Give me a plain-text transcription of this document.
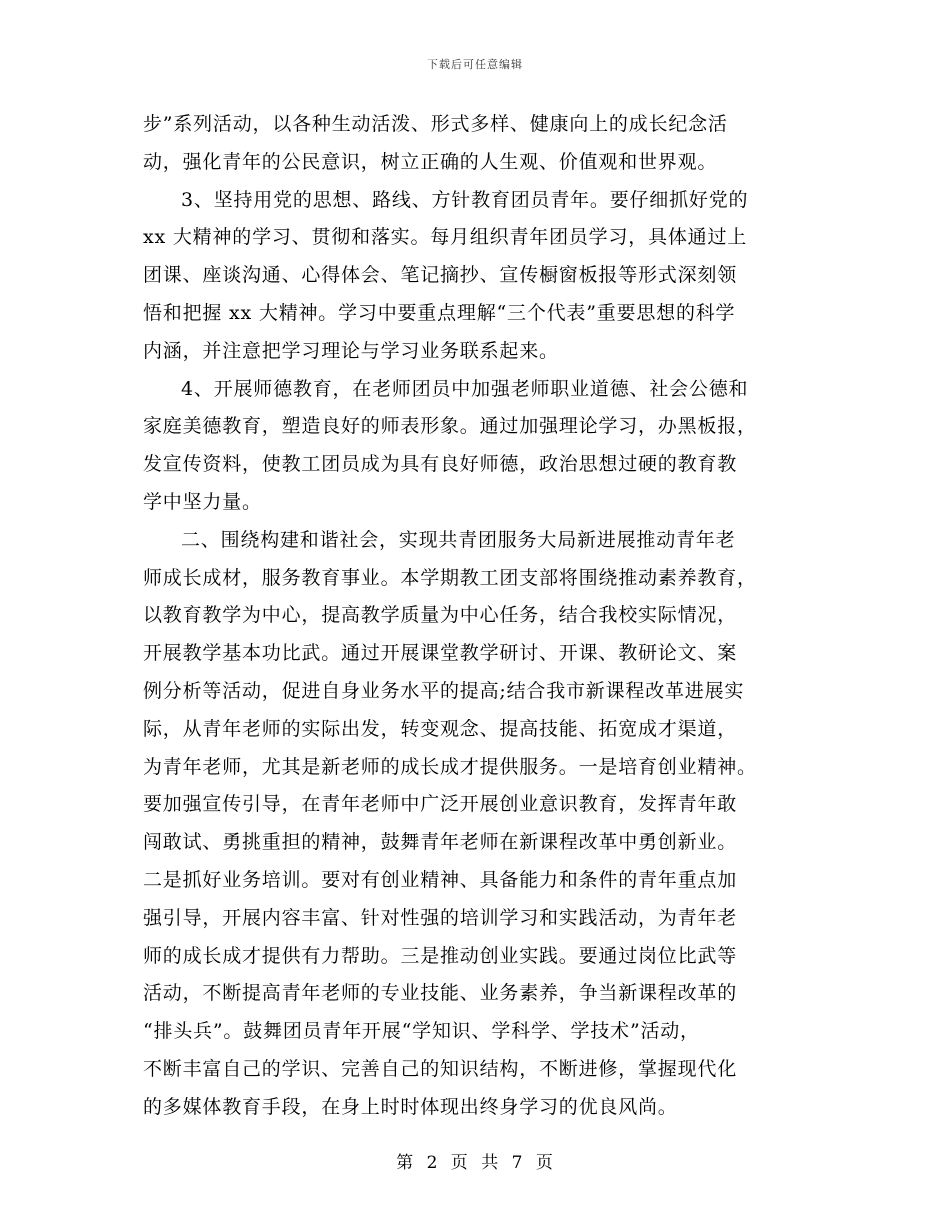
下载后可任意编辑
步”系列活动，以各种生动活泼、形式多样、健康向上的成长纪念活
动，强化青年的公民意识，树立正确的人生观、价值观和世界观。
3、坚持用党的思想、路线、方针教育团员青年。要仔细抓好党的
xx 大精神的学习、贯彻和落实。每月组织青年团员学习，具体通过上
团课、座谈沟通、心得体会、笔记摘抄、宣传橱窗板报等形式深刻领
悟和把握 xx 大精神。学习中要重点理解“三个代表”重要思想的科学
内涵，并注意把学习理论与学习业务联系起来。
4、开展师德教育，在老师团员中加强老师职业道德、社会公德和
家庭美德教育，塑造良好的师表形象。通过加强理论学习，办黑板报，
发宣传资料，使教工团员成为具有良好师德，政治思想过硬的教育教
学中坚力量。
二、围绕构建和谐社会，实现共青团服务大局新进展推动青年老
师成长成材，服务教育事业。本学期教工团支部将围绕推动素养教育，
以教育教学为中心，提高教学质量为中心任务，结合我校实际情况，
开展教学基本功比武。通过开展课堂教学研讨、开课、教研论文、案
例分析等活动，促进自身业务水平的提高;结合我市新课程改革进展实
际，从青年老师的实际出发，转变观念、提高技能、拓宽成才渠道，
为青年老师，尤其是新老师的成长成才提供服务。一是培育创业精神。
要加强宣传引导，在青年老师中广泛开展创业意识教育，发挥青年敢
闯敢试、勇挑重担的精神，鼓舞青年老师在新课程改革中勇创新业。
二是抓好业务培训。要对有创业精神、具备能力和条件的青年重点加
强引导，开展内容丰富、针对性强的培训学习和实践活动，为青年老
师的成长成才提供有力帮助。三是推动创业实践。要通过岗位比武等
活动，不断提高青年老师的专业技能、业务素养，争当新课程改革的
“排头兵”。鼓舞团员青年开展“学知识、学科学、学技术”活动，
不断丰富自己的学识、完善自己的知识结构，不断进修，掌握现代化
的多媒体教育手段，在身上时时体现出终身学习的优良风尚。
第 2 页 共 7 页
